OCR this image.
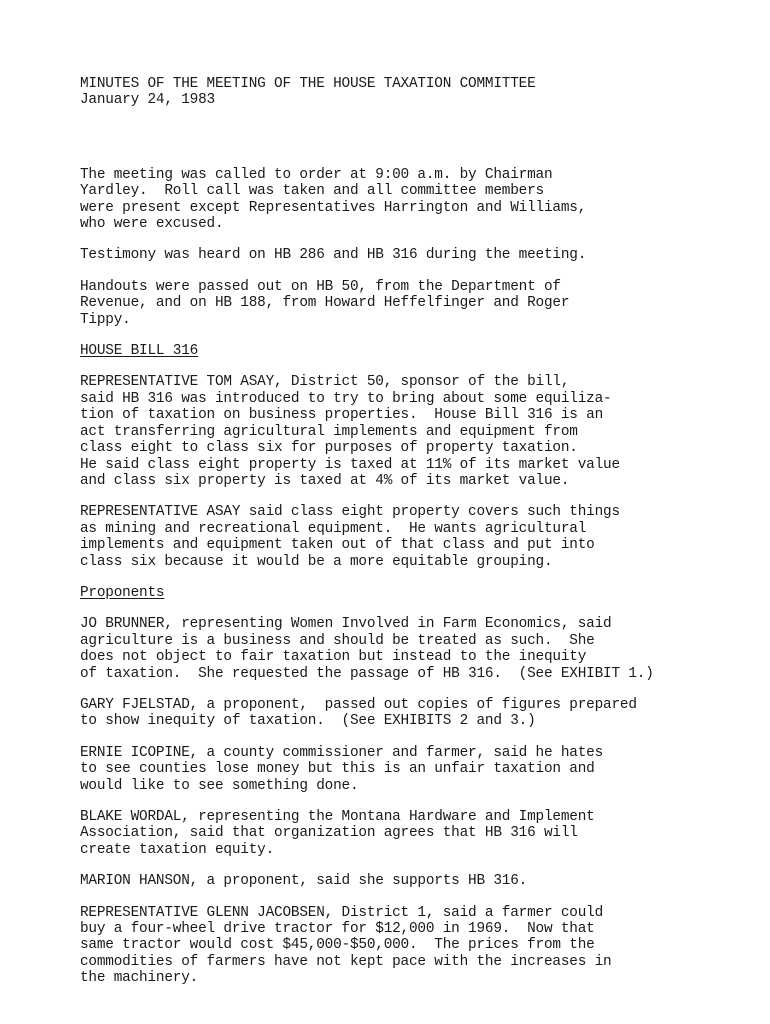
MINUTES OF THE MEETING OF THE HOUSE TAXATION COMMITTEE
January 24, 1983
The meeting was called to order at 9:00 a.m. by Chairman
Yardley.  Roll call was taken and all committee members
were present except Representatives Harrington and Williams,
who were excused.
Testimony was heard on HB 286 and HB 316 during the meeting.
Handouts were passed out on HB 50, from the Department of
Revenue, and on HB 188, from Howard Heffelfinger and Roger
Tippy.
HOUSE BILL 316
REPRESENTATIVE TOM ASAY, District 50, sponsor of the bill,
said HB 316 was introduced to try to bring about some equiliza-
tion of taxation on business properties.  House Bill 316 is an
act transferring agricultural implements and equipment from
class eight to class six for purposes of property taxation.
He said class eight property is taxed at 11% of its market value
and class six property is taxed at 4% of its market value.
REPRESENTATIVE ASAY said class eight property covers such things
as mining and recreational equipment.  He wants agricultural
implements and equipment taken out of that class and put into
class six because it would be a more equitable grouping.
Proponents
JO BRUNNER, representing Women Involved in Farm Economics, said
agriculture is a business and should be treated as such.  She
does not object to fair taxation but instead to the inequity
of taxation.  She requested the passage of HB 316.  (See EXHIBIT 1.)
GARY FJELSTAD, a proponent,  passed out copies of figures prepared
to show inequity of taxation.  (See EXHIBITS 2 and 3.)
ERNIE ICOPINE, a county commissioner and farmer, said he hates
to see counties lose money but this is an unfair taxation and
would like to see something done.
BLAKE WORDAL, representing the Montana Hardware and Implement
Association, said that organization agrees that HB 316 will
create taxation equity.
MARION HANSON, a proponent, said she supports HB 316.
REPRESENTATIVE GLENN JACOBSEN, District 1, said a farmer could
buy a four-wheel drive tractor for $12,000 in 1969.  Now that
same tractor would cost $45,000-$50,000.  The prices from the
commodities of farmers have not kept pace with the increases in
the machinery.
